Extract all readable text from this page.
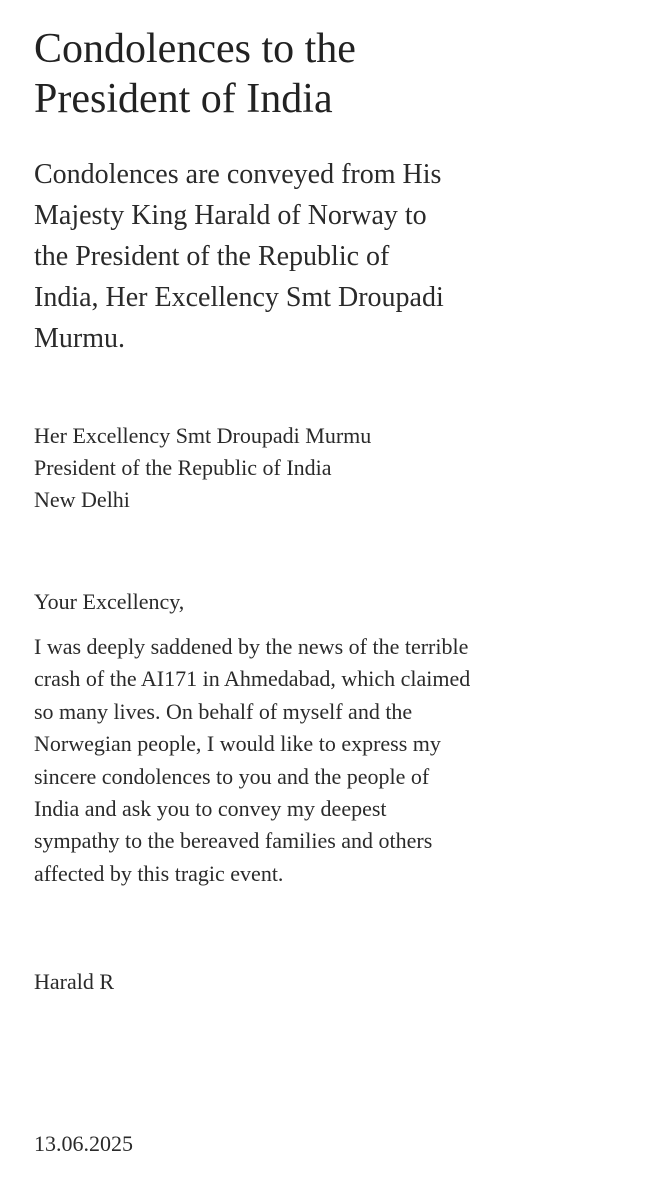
Condolences to the
President of India
Condolences are conveyed from His
Majesty King Harald of Norway to
the President of the Republic of
India, Her Excellency Smt Droupadi
Murmu.
Her Excellency Smt Droupadi Murmu
President of the Republic of India
New Delhi
Your Excellency,
I was deeply saddened by the news of the terrible
crash of the AI171 in Ahmedabad, which claimed
so many lives. On behalf of myself and the
Norwegian people, I would like to express my
sincere condolences to you and the people of
India and ask you to convey my deepest
sympathy to the bereaved families and others
affected by this tragic event.
Harald R
13.06.2025
